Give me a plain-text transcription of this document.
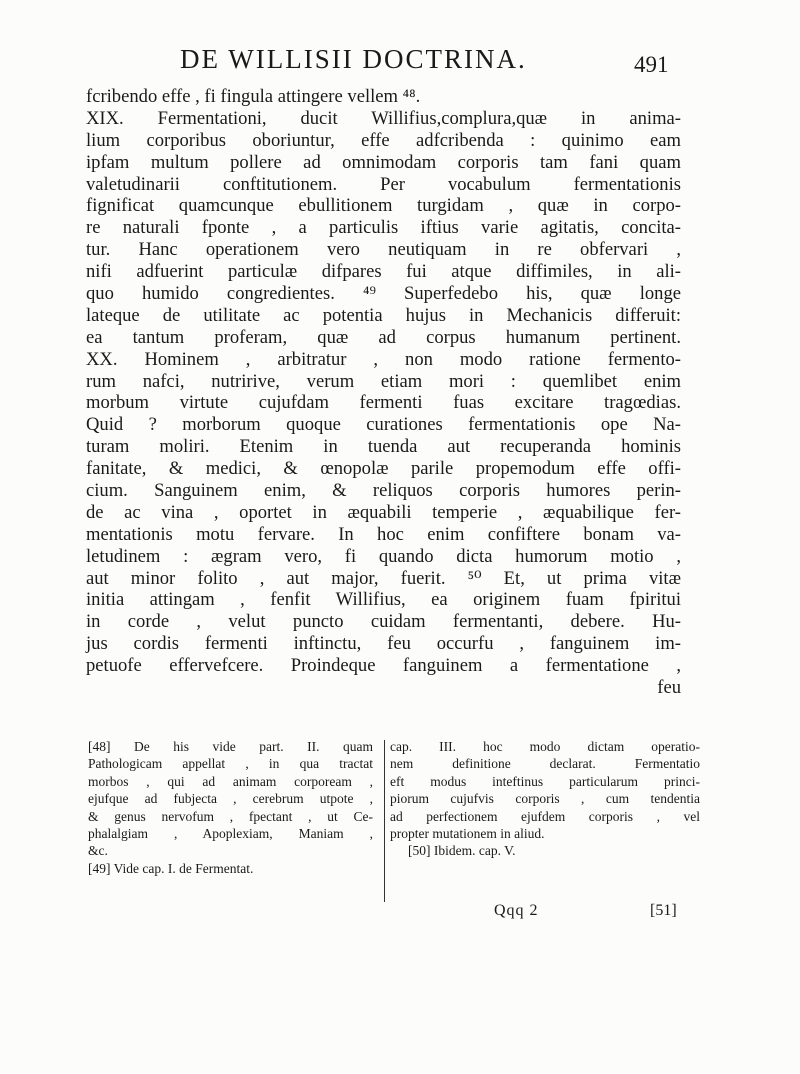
DE WILLISII DOCTRINA.	491
fcribendo effe , fi fingula attingere vellem ⁴⁸.
XIX. Fermentationi, ducit Willifius,complura,quæ in anima-
lium corporibus oboriuntur, effe adfcribenda : quinimo eam
ipfam multum pollere ad omnimodam corporis tam fani quam
valetudinarii conftitutionem. Per vocabulum fermentationis
fignificat quamcunque ebullitionem turgidam , quæ in corpo-
re naturali fponte , a particulis iftius varie agitatis, concita-
tur. Hanc operationem vero neutiquam in re obfervari ,
nifi adfuerint particulæ difpares fui atque diffimiles, in ali-
quo humido congredientes. ⁴⁹ Superfedebo his, quæ longe
lateque de utilitate ac potentia hujus in Mechanicis differuit:
ea tantum proferam, quæ ad corpus humanum pertinent.
XX. Hominem , arbitratur , non modo ratione fermento-
rum nafci, nutririve, verum etiam mori : quemlibet enim
morbum virtute cujufdam fermenti fuas excitare tragœdias.
Quid ? morborum quoque curationes fermentationis ope Na-
turam moliri. Etenim in tuenda aut recuperanda hominis
fanitate, & medici, & œnopolæ parile propemodum effe offi-
cium. Sanguinem enim, & reliquos corporis humores perin-
de ac vina , oportet in æquabili temperie , æquabilique fer-
mentationis motu fervare. In hoc enim confiftere bonam va-
letudinem : ægram vero, fi quando dicta humorum motio ,
aut minor folito , aut major, fuerit. ⁵⁰ Et, ut prima vitæ
initia attingam , fenfit Willifius, ea originem fuam fpiritui
in corde , velut puncto cuidam fermentanti, debere. Hu-
jus cordis fermenti inftinctu, feu occurfu , fanguinem im-
petuofe effervefcere. Proindeque fanguinem a fermentatione ,
feu
[48] De his vide part. II. quam
Pathologicam appellat , in qua tractat
morbos , qui ad animam corpoream ,
ejufque ad fubjecta , cerebrum utpote ,
& genus nervofum , fpectant , ut Ce-
phalalgiam , Apoplexiam, Maniam ,
&c.
[49] Vide cap. I. de Fermentat.
cap. III. hoc modo dictam operatio-
nem definitione declarat. Fermentatio
eft modus inteftinus particularum princi-
piorum cujufvis corporis , cum tendentia
ad perfectionem ejufdem corporis , vel
propter mutationem in aliud.
[50] Ibidem. cap. V.
Qqq 2	[51]
